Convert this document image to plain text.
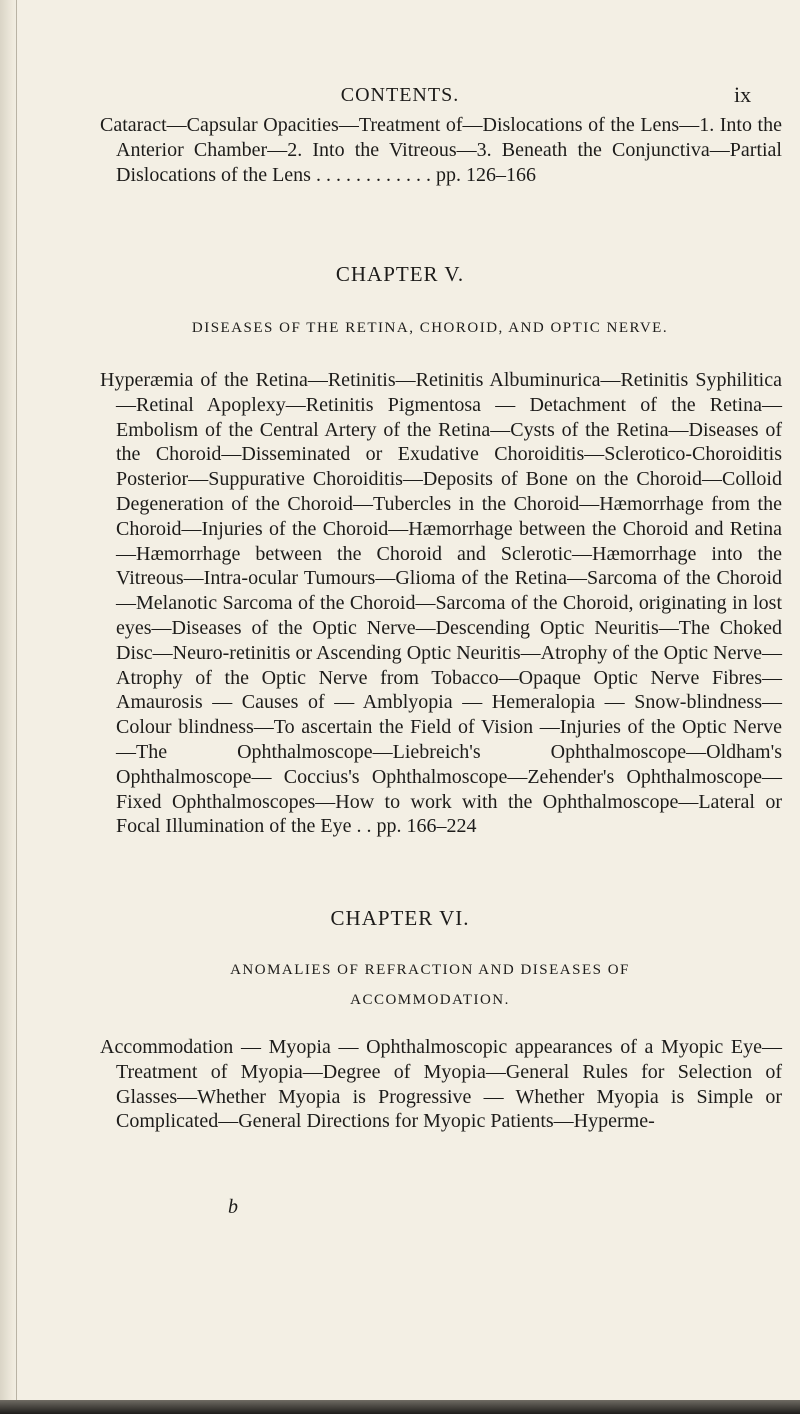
CONTENTS.	ix
Cataract—Capsular Opacities—Treatment of—Dislocations of the Lens—1. Into the Anterior Chamber—2. Into the Vitreous—3. Beneath the Conjunctiva—Partial Dislocations of the Lens . . . . . . . . . . . . pp. 126–166
CHAPTER V.
DISEASES OF THE RETINA, CHOROID, AND OPTIC NERVE.
Hyperæmia of the Retina—Retinitis—Retinitis Albuminurica—Retinitis Syphilitica—Retinal Apoplexy—Retinitis Pigmentosa — Detachment of the Retina—Embolism of the Central Artery of the Retina—Cysts of the Retina—Diseases of the Choroid—Disseminated or Exudative Choroiditis—Sclerotico-Choroiditis Posterior—Suppurative Choroiditis—Deposits of Bone on the Choroid—Colloid Degeneration of the Choroid—Tubercles in the Choroid—Hæmorrhage from the Choroid—Injuries of the Choroid—Hæmorrhage between the Choroid and Retina—Hæmorrhage between the Choroid and Sclerotic—Hæmorrhage into the Vitreous—Intra-ocular Tumours—Glioma of the Retina—Sarcoma of the Choroid—Melanotic Sarcoma of the Choroid—Sarcoma of the Choroid, originating in lost eyes—Diseases of the Optic Nerve—Descending Optic Neuritis—The Choked Disc—Neuro-retinitis or Ascending Optic Neuritis—Atrophy of the Optic Nerve—Atrophy of the Optic Nerve from Tobacco—Opaque Optic Nerve Fibres—Amaurosis — Causes of — Amblyopia — Hemeralopia — Snow-blindness—Colour blindness—To ascertain the Field of Vision —Injuries of the Optic Nerve—The Ophthalmoscope—Liebreich's Ophthalmoscope—Oldham's Ophthalmoscope— Coccius's Ophthalmoscope—Zehender's Ophthalmoscope—Fixed Ophthalmoscopes—How to work with the Ophthalmoscope—Lateral or Focal Illumination of the Eye . . pp. 166–224
CHAPTER VI.
ANOMALIES OF REFRACTION AND DISEASES OF
ACCOMMODATION.
Accommodation — Myopia — Ophthalmoscopic appearances of a Myopic Eye—Treatment of Myopia—Degree of Myopia—General Rules for Selection of Glasses—Whether Myopia is Progressive — Whether Myopia is Simple or Complicated—General Directions for Myopic Patients—Hyperme-
b
